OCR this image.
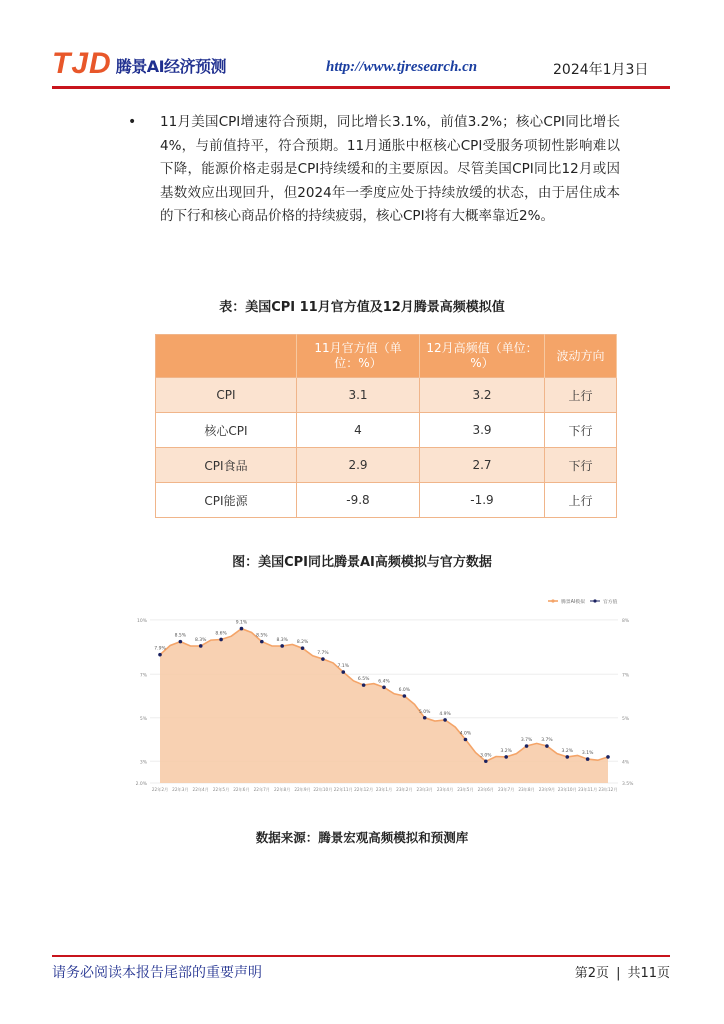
TJD 腾景AI经济预测	http://www.tjresearch.cn	2024年1月3日
• 11月美国CPI增速符合预期，同比增长3.1%，前值3.2%；核心CPI同比增长4%，与前值持平，符合预期。11月通胀中枢核心CPI受服务项韧性影响难以下降，能源价格走弱是CPI持续缓和的主要原因。尽管美国CPI同比12月或因基数效应出现回升，但2024年一季度应处于持续放缓的状态，由于居住成本的下行和核心商品价格的持续疲弱，核心CPI将有大概率靠近2%。
表：美国CPI 11月官方值及12月腾景高频模拟值
	11月官方值（单位：%）	12月高频值（单位：%）	波动方向
CPI	3.1	3.2	上行
核心CPI	4	3.9	下行
CPI食品	2.9	2.7	下行
CPI能源	-9.8	-1.9	上行
图：美国CPI同比腾景AI高频模拟与官方数据
7.9%
8.5%
8.3%
8.6%
9.1%
8.5%
8.3% 8.2%
7.7%
7.1%
6.5% 6.4%
6.0%
5.0% 4.9%
4.0%
3.0%
3.2%
3.7% 3.7%
3.2% 3.1%
10%
7%
5%
3%
2.0%
8%
7%
5%
4%
3.5%
22年2月 22年3月 22年4月 22年5月 22年6月 22年7月 22年8月 22年9月 22年10月 22年11月 22年12月 23年1月 23年2月 23年3月 23年4月 23年5月 23年6月 23年7月 23年8月 23年9月 23年10月 23年11月 23年12月
腾景AI模拟	官方值
数据来源：腾景宏观高频模拟和预测库
请务必阅读本报告尾部的重要声明	第2页 | 共11页
